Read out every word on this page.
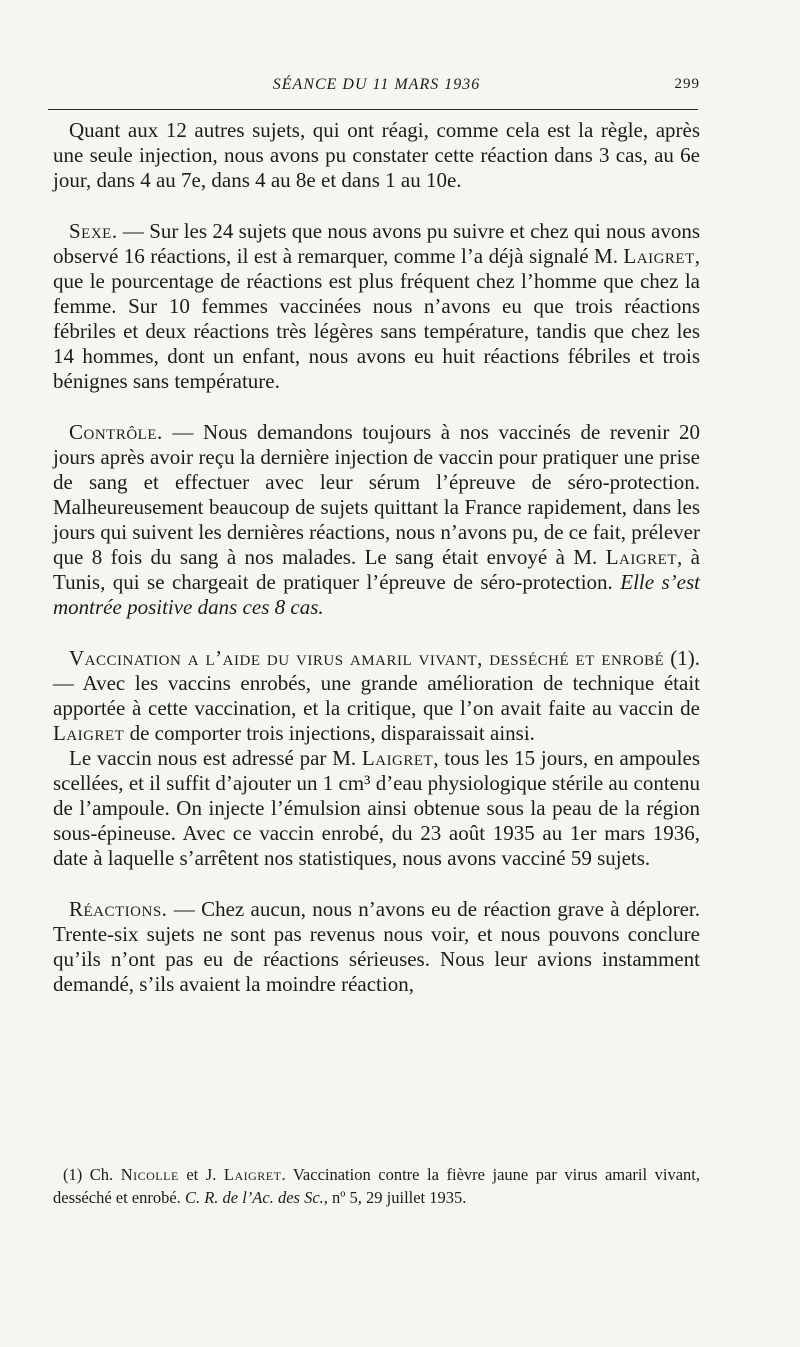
SÉANCE DU 11 MARS 1936	299

Quant aux 12 autres sujets, qui ont réagi, comme cela est la règle, après une seule injection, nous avons pu constater cette réaction dans 3 cas, au 6e jour, dans 4 au 7e, dans 4 au 8e et dans 1 au 10e.

Sexe. — Sur les 24 sujets que nous avons pu suivre et chez qui nous avons observé 16 réactions, il est à remarquer, comme l’a déjà signalé M. Laigret, que le pourcentage de réactions est plus fréquent chez l’homme que chez la femme. Sur 10 femmes vaccinées nous n’avons eu que trois réactions fébriles et deux réactions très légères sans température, tandis que chez les 14 hommes, dont un enfant, nous avons eu huit réactions fébriles et trois bénignes sans température.

Contrôle. — Nous demandons toujours à nos vaccinés de revenir 20 jours après avoir reçu la dernière injection de vaccin pour pratiquer une prise de sang et effectuer avec leur sérum l’épreuve de séro-protection. Malheureusement beaucoup de sujets quittant la France rapidement, dans les jours qui suivent les dernières réactions, nous n’avons pu, de ce fait, prélever que 8 fois du sang à nos malades. Le sang était envoyé à M. Laigret, à Tunis, qui se chargeait de pratiquer l’épreuve de séro-protection. Elle s’est montrée positive dans ces 8 cas.

Vaccination a l’aide du virus amaril vivant, desséché et enrobé (1). — Avec les vaccins enrobés, une grande amélioration de technique était apportée à cette vaccination, et la critique, que l’on avait faite au vaccin de Laigret de comporter trois injections, disparaissait ainsi.

Le vaccin nous est adressé par M. Laigret, tous les 15 jours, en ampoules scellées, et il suffit d’ajouter un 1 cm³ d’eau physiologique stérile au contenu de l’ampoule. On injecte l’émulsion ainsi obtenue sous la peau de la région sous-épineuse. Avec ce vaccin enrobé, du 23 août 1935 au 1er mars 1936, date à laquelle s’arrêtent nos statistiques, nous avons vacciné 59 sujets.

Réactions. — Chez aucun, nous n’avons eu de réaction grave à déplorer. Trente-six sujets ne sont pas revenus nous voir, et nous pouvons conclure qu’ils n’ont pas eu de réactions sérieuses. Nous leur avions instamment demandé, s’ils avaient la moindre réaction,

(1) Ch. Nicolle et J. Laigret. Vaccination contre la fièvre jaune par virus amaril vivant, desséché et enrobé. C. R. de l’Ac. des Sc., nº 5, 29 juillet 1935.
